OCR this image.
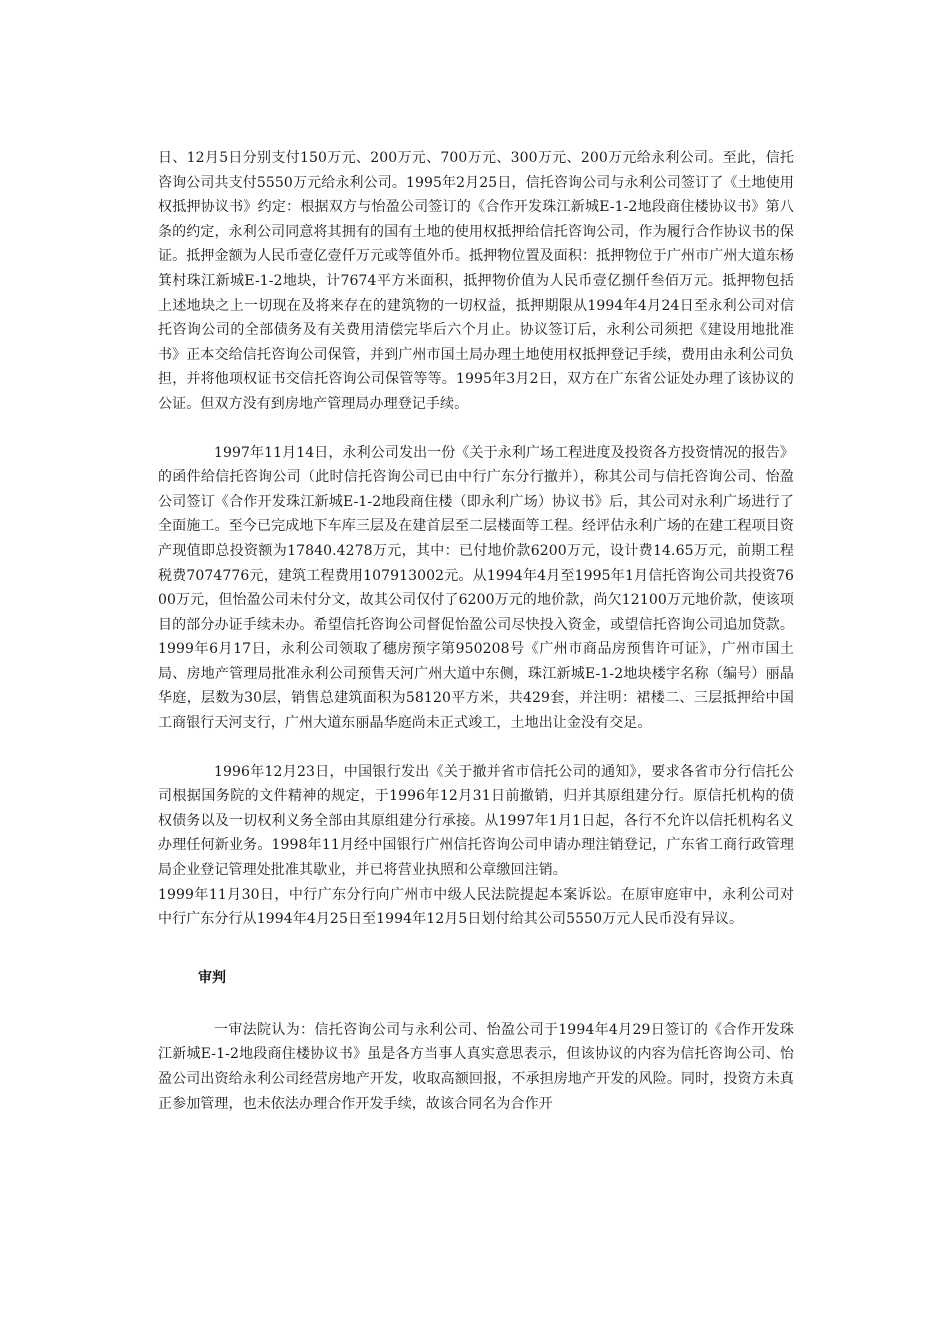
日、12月5日分别支付150万元、200万元、700万元、300万元、200万元给永利公司。至此，信托咨询公司共支付5550万元给永利公司。1995年2月25日，信托咨询公司与永利公司签订了《土地使用权抵押协议书》约定：根据双方与怡盈公司签订的《合作开发珠江新城E-1-2地段商住楼协议书》第八条的约定，永利公司同意将其拥有的国有土地的使用权抵押给信托咨询公司，作为履行合作协议书的保证。抵押金额为人民币壹亿壹仟万元或等值外币。抵押物位置及面积：抵押物位于广州市广州大道东杨箕村珠江新城E-1-2地块，计7674平方米面积，抵押物价值为人民币壹亿捌仟叁佰万元。抵押物包括上述地块之上一切现在及将来存在的建筑物的一切权益，抵押期限从1994年4月24日至永利公司对信托咨询公司的全部债务及有关费用清偿完毕后六个月止。协议签订后，永利公司须把《建设用地批准书》正本交给信托咨询公司保管，并到广州市国土局办理土地使用权抵押登记手续，费用由永利公司负担，并将他项权证书交信托咨询公司保管等等。1995年3月2日，双方在广东省公证处办理了该协议的公证。但双方没有到房地产管理局办理登记手续。

1997年11月14日，永利公司发出一份《关于永利广场工程进度及投资各方投资情况的报告》的函件给信托咨询公司（此时信托咨询公司已由中行广东分行撤并），称其公司与信托咨询公司、怡盈公司签订《合作开发珠江新城E-1-2地段商住楼（即永利广场）协议书》后，其公司对永利广场进行了全面施工。至今已完成地下车库三层及在建首层至二层楼面等工程。经评估永利广场的在建工程项目资产现值即总投资额为17840.4278万元，其中：已付地价款6200万元，设计费14.65万元，前期工程税费7074776元，建筑工程费用107913002元。从1994年4月至1995年1月信托咨询公司共投资7600万元，但怡盈公司未付分文，故其公司仅付了6200万元的地价款，尚欠12100万元地价款，使该项目的部分办证手续未办。希望信托咨询公司督促怡盈公司尽快投入资金，或望信托咨询公司追加贷款。1999年6月17日，永利公司领取了穗房预字第950208号《广州市商品房预售许可证》，广州市国土局、房地产管理局批准永利公司预售天河广州大道中东侧，珠江新城E-1-2地块楼宇名称（编号）丽晶华庭，层数为30层，销售总建筑面积为58120平方米，共429套，并注明：裙楼二、三层抵押给中国工商银行天河支行，广州大道东丽晶华庭尚未正式竣工，土地出让金没有交足。

1996年12月23日，中国银行发出《关于撤并省市信托公司的通知》，要求各省市分行信托公司根据国务院的文件精神的规定，于1996年12月31日前撤销，归并其原组建分行。原信托机构的债权债务以及一切权利义务全部由其原组建分行承接。从1997年1月1日起，各行不允许以信托机构名义办理任何新业务。1998年11月经中国银行广州信托咨询公司申请办理注销登记，广东省工商行政管理局企业登记管理处批准其歇业，并已将营业执照和公章缴回注销。

1999年11月30日，中行广东分行向广州市中级人民法院提起本案诉讼。在原审庭审中，永利公司对中行广东分行从1994年4月25日至1994年12月5日划付给其公司5550万元人民币没有异议。

审判

一审法院认为：信托咨询公司与永利公司、怡盈公司于1994年4月29日签订的《合作开发珠江新城E-1-2地段商住楼协议书》虽是各方当事人真实意思表示，但该协议的内容为信托咨询公司、怡盈公司出资给永利公司经营房地产开发，收取高额回报，不承担房地产开发的风险。同时，投资方未真正参加管理，也未依法办理合作开发手续，故该合同名为合作开
